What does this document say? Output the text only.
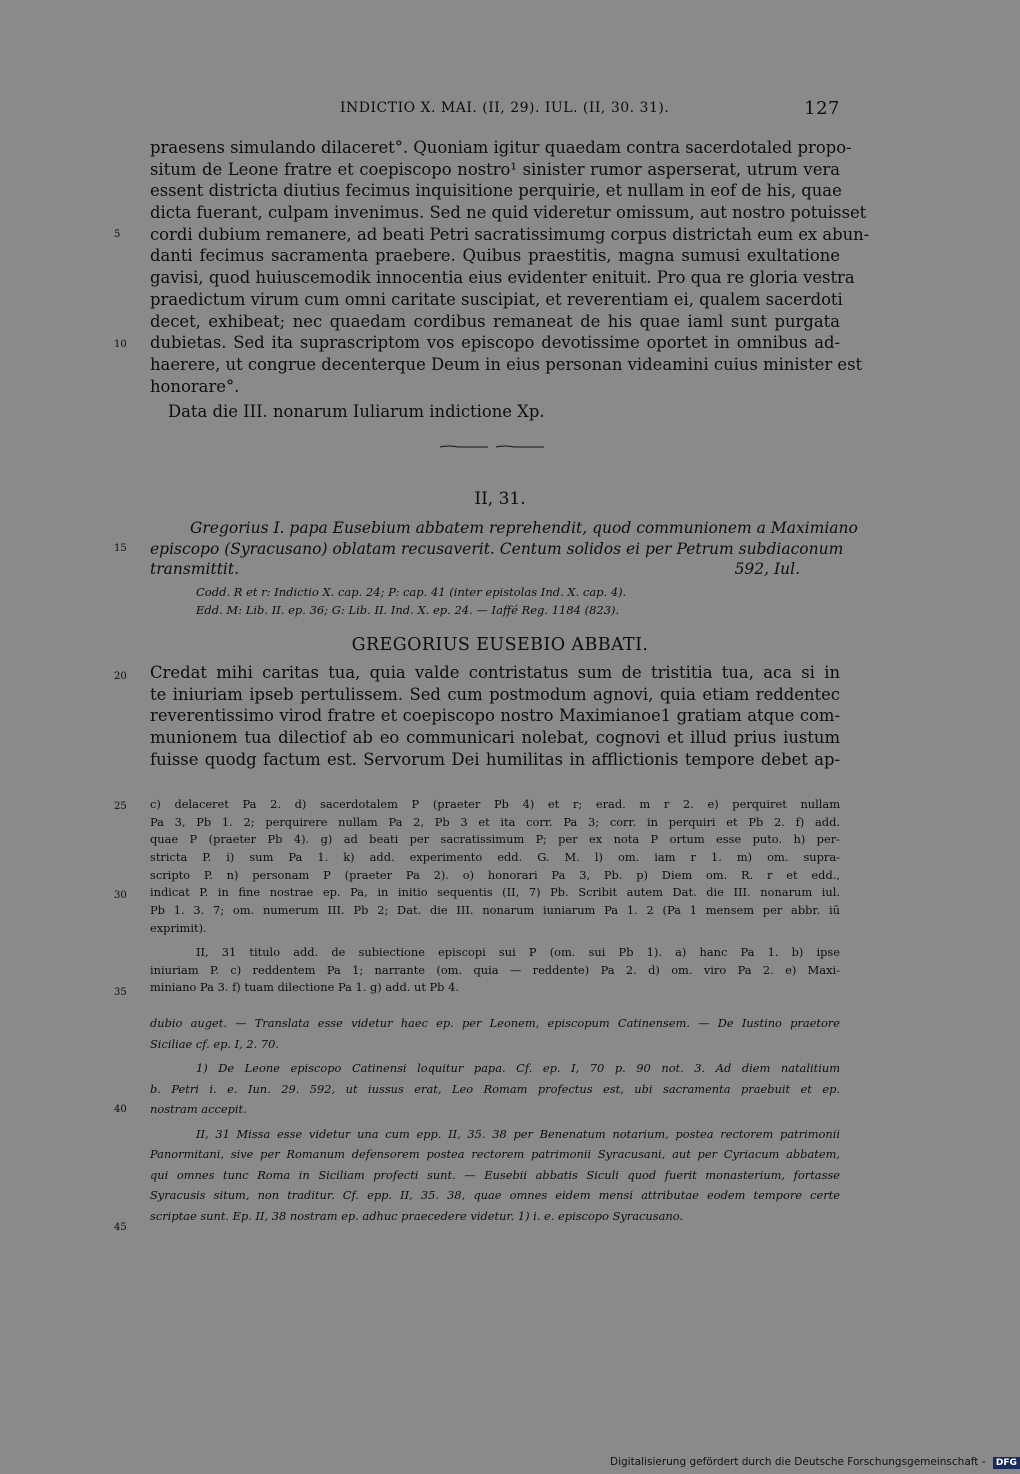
INDICTIO X. MAI. (II, 29). IUL. (II, 30. 31).	127
praesens simulando dilaceret°. Quoniam igitur quaedam contra sacerdotaled propo-
situm de Leone fratre et coepiscopo nostro¹ sinister rumor asperserat, utrum vera
essent districta diutius fecimus inquisitione perquirie, et nullam in eof de his, quae
dicta fuerant, culpam invenimus. Sed ne quid videretur omissum, aut nostro potuisset
cordi dubium remanere, ad beati Petri sacratissimumg corpus districtah eum ex abun-
danti fecimus sacramenta praebere. Quibus praestitis, magna sumusi exultatione
gavisi, quod huiuscemodik innocentia eius evidenter enituit. Pro qua re gloria vestra
praedictum virum cum omni caritate suscipiat, et reverentiam ei, qualem sacerdoti
decet, exhibeat; nec quaedam cordibus remaneat de his quae iaml sunt purgata
dubietas. Sed ita suprascriptom vos episcopo devotissime oportet in omnibus ad-
haerere, ut congrue decenterque Deum in eius personan videamini cuius minister est
honorare°.
5
10
Data die III. nonarum Iuliarum indictione Xp.
II, 31.
Gregorius I. papa Eusebium abbatem reprehendit, quod communionem a Maximiano
episcopo (Syracusano) oblatam recusaverit. Centum solidos ei per Petrum subdiaconum
transmittit.	592, Iul.
15
Codd. R et r: Indictio X. cap. 24; P: cap. 41 (inter epistolas Ind. X. cap. 4).
Edd. M: Lib. II. ep. 36; G: Lib. II. Ind. X. ep. 24. — Iaffé Reg. 1184 (823).
GREGORIUS EUSEBIO ABBATI.
Credat mihi caritas tua, quia valde contristatus sum de tristitia tua, aca si in
te iniuriam ipseb pertulissem. Sed cum postmodum agnovi, quia etiam reddentec
reverentissimo virod fratre et coepiscopo nostro Maximianoe1 gratiam atque com-
munionem tua dilectiof ab eo communicari nolebat, cognovi et illud prius iustum
fuisse quodg factum est. Servorum Dei humilitas in afflictionis tempore debet ap-
20
c) delaceret Pa 2. d) sacerdotalem P (praeter Pb 4) et r; erad. m r 2. e) perquiret nullam
Pa 3, Pb 1. 2; perquirere nullam Pa 2, Pb 3 et ita corr. Pa 3; corr. in perquiri et Pb 2. f) add.
quae P (praeter Pb 4). g) ad beati per sacratissimum P; per ex nota P ortum esse puto. h) per-
stricta P. i) sum Pa 1. k) add. experimento edd. G. M. l) om. iam r 1. m) om. supra-
scripto P. n) personam P (praeter Pa 2). o) honorari Pa 3, Pb. p) Diem om. R. r et edd.,
indicat P. in fine nostrae ep. Pa, in initio sequentis (II, 7) Pb. Scribit autem Dat. die III. nonarum iul.
Pb 1. 3. 7; om. numerum III. Pb 2; Dat. die III. nonarum iuniarum Pa 1. 2 (Pa 1 mensem per abbr. iū
exprimit).
25
30
II, 31 titulo add. de subiectione episcopi sui P (om. sui Pb 1). a) hanc Pa 1. b) ipse
iniuriam P. c) reddentem Pa 1; narrante (om. quia — reddente) Pa 2. d) om. viro Pa 2. e) Maxi-
miniano Pa 3. f) tuam dilectione Pa 1. g) add. ut Pb 4.
35
dubio auget. — Translata esse videtur haec ep. per Leonem, episcopum Catinensem. — De Iustino praetore
Siciliae cf. ep. I, 2. 70.
1) De Leone episcopo Catinensi loquitur papa. Cf. ep. I, 70 p. 90 not. 3. Ad diem natalitium
b. Petri i. e. Iun. 29. 592, ut iussus erat, Leo Romam profectus est, ubi sacramenta praebuit et ep.
nostram accepit.
II, 31 Missa esse videtur una cum epp. II, 35. 38 per Benenatum notarium, postea rectorem patrimonii
Panormitani, sive per Romanum defensorem postea rectorem patrimonii Syracusani, aut per Cyriacum abbatem,
qui omnes tunc Roma in Siciliam profecti sunt. — Eusebii abbatis Siculi quod fuerit monasterium, fortasse
Syracusis situm, non traditur. Cf. epp. II, 35. 38, quae omnes eidem mensi attributae eodem tempore certe
scriptae sunt. Ep. II, 38 nostram ep. adhuc praecedere videtur. 1) i. e. episcopo Syracusano.
40
45
Digitalisierung gefördert durch die Deutsche Forschungsgemeinschaft - DFG
